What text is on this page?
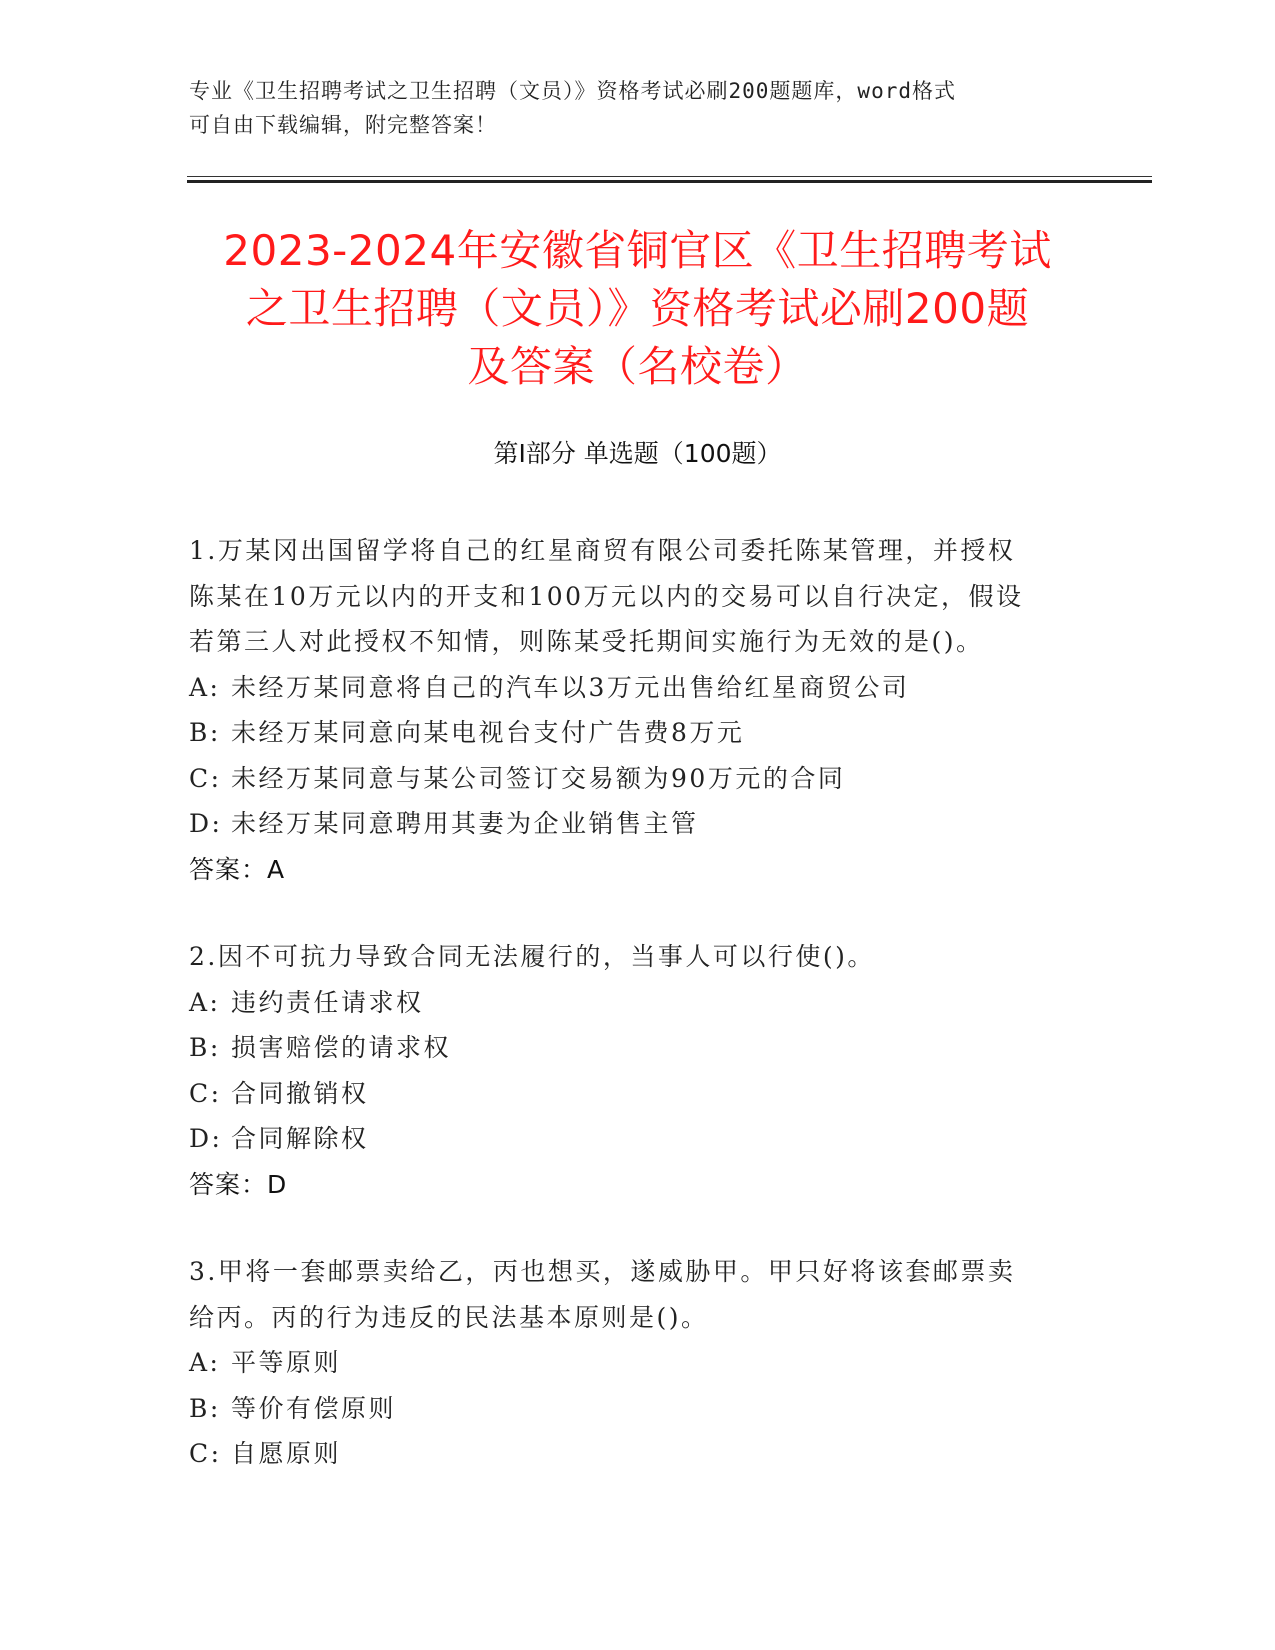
专业《卫生招聘考试之卫生招聘（文员）》资格考试必刷200题题库，word格式
可自由下载编辑，附完整答案！
2023-2024年安徽省铜官区《卫生招聘考试
之卫生招聘（文员）》资格考试必刷200题
及答案（名校卷）
第Ⅰ部分 单选题（100题）
1.万某冈出国留学将自己的红星商贸有限公司委托陈某管理，并授权
陈某在10万元以内的开支和100万元以内的交易可以自行决定，假设
若第三人对此授权不知情，则陈某受托期间实施行为无效的是()。
A: 未经万某同意将自己的汽车以3万元出售给红星商贸公司
B: 未经万某同意向某电视台支付广告费8万元
C: 未经万某同意与某公司签订交易额为90万元的合同
D: 未经万某同意聘用其妻为企业销售主管
答案：A
2.因不可抗力导致合同无法履行的，当事人可以行使()。
A: 违约责任请求权
B: 损害赔偿的请求权
C: 合同撤销权
D: 合同解除权
答案：D
3.甲将一套邮票卖给乙，丙也想买，遂威胁甲。甲只好将该套邮票卖
给丙。丙的行为违反的民法基本原则是()。
A: 平等原则
B: 等价有偿原则
C: 自愿原则
